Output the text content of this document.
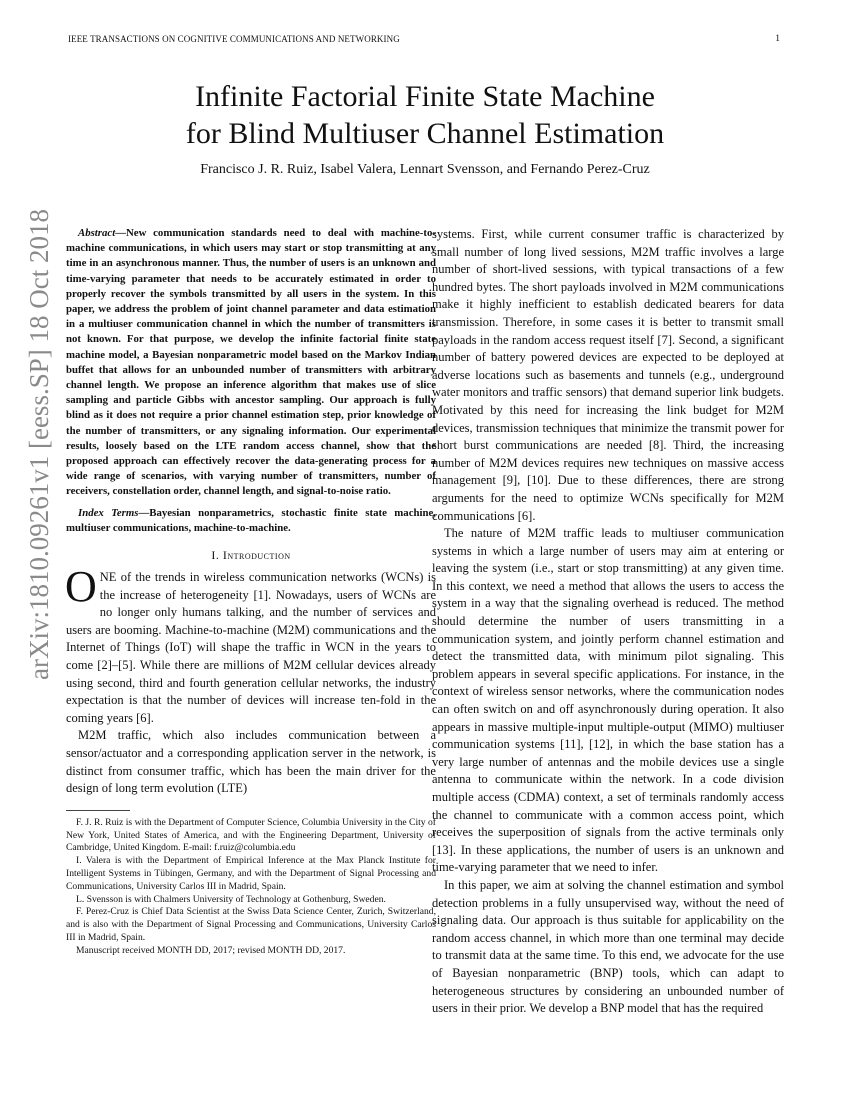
IEEE TRANSACTIONS ON COGNITIVE COMMUNICATIONS AND NETWORKING	1
arXiv:1810.09261v1 [eess.SP] 18 Oct 2018
Infinite Factorial Finite State Machine
for Blind Multiuser Channel Estimation
Francisco J. R. Ruiz, Isabel Valera, Lennart Svensson, and Fernando Perez-Cruz

Abstract—New communication standards need to deal with machine-to-machine communications, in which users may start or stop transmitting at any time in an asynchronous manner. Thus, the number of users is an unknown and time-varying parameter that needs to be accurately estimated in order to properly recover the symbols transmitted by all users in the system. In this paper, we address the problem of joint channel parameter and data estimation in a multiuser communication channel in which the number of transmitters is not known. For that purpose, we develop the infinite factorial finite state machine model, a Bayesian nonparametric model based on the Markov Indian buffet that allows for an unbounded number of transmitters with arbitrary channel length. We propose an inference algorithm that makes use of slice sampling and particle Gibbs with ancestor sampling. Our approach is fully blind as it does not require a prior channel estimation step, prior knowledge of the number of transmitters, or any signaling information. Our experimental results, loosely based on the LTE random access channel, show that the proposed approach can effectively recover the data-generating process for a wide range of scenarios, with varying number of transmitters, number of receivers, constellation order, channel length, and signal-to-noise ratio.

Index Terms—Bayesian nonparametrics, stochastic finite state machine, multiuser communications, machine-to-machine.

I. Introduction

ONE of the trends in wireless communication networks (WCNs) is the increase of heterogeneity [1]. Nowadays, users of WCNs are no longer only humans talking, and the number of services and users are booming. Machine-to-machine (M2M) communications and the Internet of Things (IoT) will shape the traffic in WCN in the years to come [2]–[5]. While there are millions of M2M cellular devices already using second, third and fourth generation cellular networks, the industry expectation is that the number of devices will increase ten-fold in the coming years [6].

M2M traffic, which also includes communication between a sensor/actuator and a corresponding application server in the network, is distinct from consumer traffic, which has been the main driver for the design of long term evolution (LTE)

F. J. R. Ruiz is with the Department of Computer Science, Columbia University in the City of New York, United States of America, and with the Engineering Department, University of Cambridge, United Kingdom. E-mail: f.ruiz@columbia.edu

I. Valera is with the Department of Empirical Inference at the Max Planck Institute for Intelligent Systems in Tübingen, Germany, and with the Department of Signal Processing and Communications, University Carlos III in Madrid, Spain.

L. Svensson is with Chalmers University of Technology at Gothenburg, Sweden.

F. Perez-Cruz is Chief Data Scientist at the Swiss Data Science Center, Zurich, Switzerland, and is also with the Department of Signal Processing and Communications, University Carlos III in Madrid, Spain.

Manuscript received MONTH DD, 2017; revised MONTH DD, 2017.

systems. First, while current consumer traffic is characterized by small number of long lived sessions, M2M traffic involves a large number of short-lived sessions, with typical transactions of a few hundred bytes. The short payloads involved in M2M communications make it highly inefficient to establish dedicated bearers for data transmission. Therefore, in some cases it is better to transmit small payloads in the random access request itself [7]. Second, a significant number of battery powered devices are expected to be deployed at adverse locations such as basements and tunnels (e.g., underground water monitors and traffic sensors) that demand superior link budgets. Motivated by this need for increasing the link budget for M2M devices, transmission techniques that minimize the transmit power for short burst communications are needed [8]. Third, the increasing number of M2M devices requires new techniques on massive access management [9], [10]. Due to these differences, there are strong arguments for the need to optimize WCNs specifically for M2M communications [6].

The nature of M2M traffic leads to multiuser communication systems in which a large number of users may aim at entering or leaving the system (i.e., start or stop transmitting) at any given time. In this context, we need a method that allows the users to access the system in a way that the signaling overhead is reduced. The method should determine the number of users transmitting in a communication system, and jointly perform channel estimation and detect the transmitted data, with minimum pilot signaling. This problem appears in several specific applications. For instance, in the context of wireless sensor networks, where the communication nodes can often switch on and off asynchronously during operation. It also appears in massive multiple-input multiple-output (MIMO) multiuser communication systems [11], [12], in which the base station has a very large number of antennas and the mobile devices use a single antenna to communicate within the network. In a code division multiple access (CDMA) context, a set of terminals randomly access the channel to communicate with a common access point, which receives the superposition of signals from the active terminals only [13]. In these applications, the number of users is an unknown and time-varying parameter that we need to infer.

In this paper, we aim at solving the channel estimation and symbol detection problems in a fully unsupervised way, without the need of signaling data. Our approach is thus suitable for applicability on the random access channel, in which more than one terminal may decide to transmit data at the same time. To this end, we advocate for the use of Bayesian nonparametric (BNP) tools, which can adapt to heterogeneous structures by considering an unbounded number of users in their prior. We develop a BNP model that has the required
